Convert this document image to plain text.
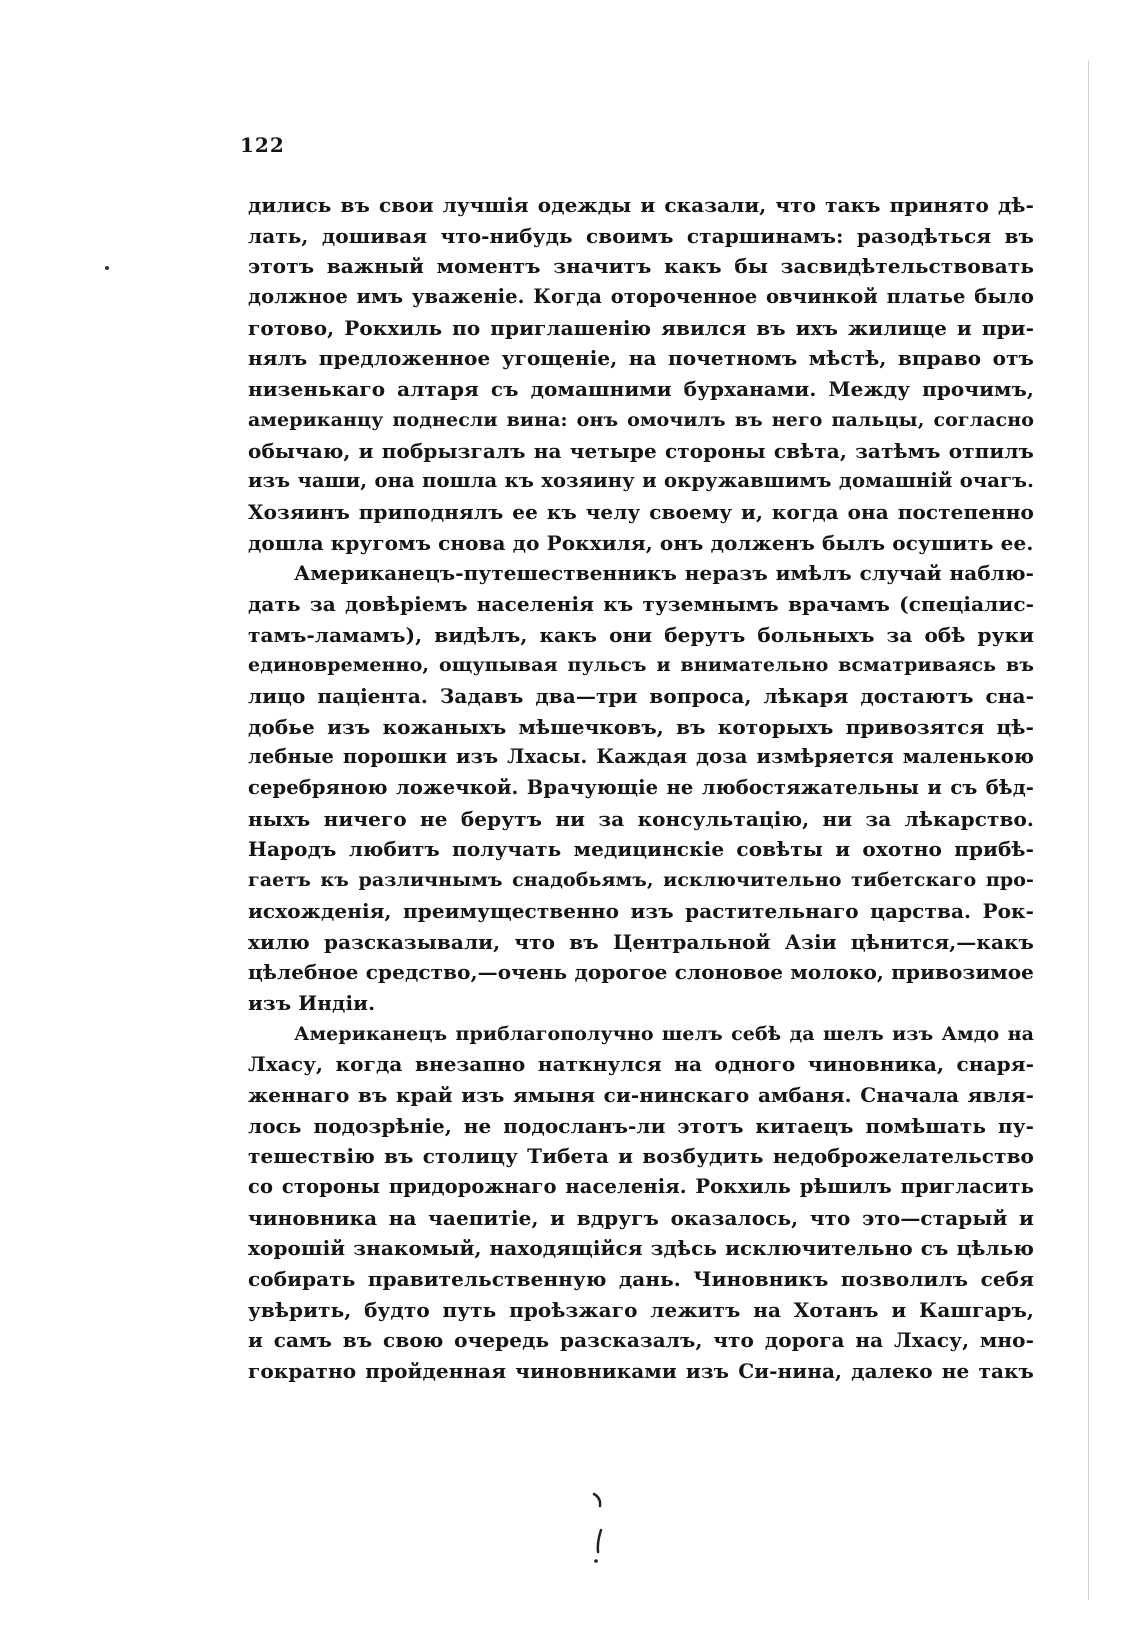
122
дились въ свои лучшія одежды и сказали, что такъ принято дѣ-
лать, дошивая что-нибудь своимъ старшинамъ: разодѣться въ
этотъ важный моментъ значитъ какъ бы засвидѣтельствовать
должное имъ уваженіе. Когда отороченное овчинкой платье было
готово, Рокхиль по приглашенію явился въ ихъ жилище и при-
нялъ предложенное угощеніе, на почетномъ мѣстѣ, вправо отъ
низенькаго алтаря съ домашними бурханами. Между прочимъ,
американцу поднесли вина: онъ омочилъ въ него пальцы, согласно
обычаю, и побрызгалъ на четыре стороны свѣта, затѣмъ отпилъ
изъ чаши, она пошла къ хозяину и окружавшимъ домашній очагъ.
Хозяинъ приподнялъ ее къ челу своему и, когда она постепенно
дошла кругомъ снова до Рокхиля, онъ долженъ былъ осушить ее.
Американецъ-путешественникъ неразъ имѣлъ случай наблю-
дать за довѣріемъ населенія къ туземнымъ врачамъ (спеціалис-
тамъ-ламамъ), видѣлъ, какъ они берутъ больныхъ за обѣ руки
единовременно, ощупывая пульсъ и внимательно всматриваясь въ
лицо паціента. Задавъ два—три вопроса, лѣкаря достаютъ сна-
добье изъ кожаныхъ мѣшечковъ, въ которыхъ привозятся цѣ-
лебные порошки изъ Лхасы. Каждая доза измѣряется маленькою
серебряною ложечкой. Врачующіе не любостяжательны и съ бѣд-
ныхъ ничего не берутъ ни за консультацію, ни за лѣкарство.
Народъ любитъ получать медицинскіе совѣты и охотно прибѣ-
гаетъ къ различнымъ снадобьямъ, исключительно тибетскаго про-
исхожденія, преимущественно изъ растительнаго царства. Рок-
хилю разсказывали, что въ Центральной Азіи цѣнится,—какъ
цѣлебное средство,—очень дорогое слоновое молоко, привозимое
изъ Индіи.
Американецъ приблагополучно шелъ себѣ да шелъ изъ Амдо на
Лхасу, когда внезапно наткнулся на одного чиновника, снаря-
женнаго въ край изъ ямыня си-нинскаго амбаня. Сначала явля-
лось подозрѣніе, не подосланъ-ли этотъ китаецъ помѣшать пу-
тешествію въ столицу Тибета и возбудить недоброжелательство
со стороны придорожнаго населенія. Рокхиль рѣшилъ пригласить
чиновника на чаепитіе, и вдругъ оказалось, что это—старый и
хорошій знакомый, находящійся здѣсь исключительно съ цѣлью
собирать правительственную дань. Чиновникъ позволилъ себя
увѣрить, будто путь проѣзжаго лежитъ на Хотанъ и Кашгаръ,
и самъ въ свою очередь разсказалъ, что дорога на Лхасу, мно-
гократно пройденная чиновниками изъ Си-нина, далеко не такъ
